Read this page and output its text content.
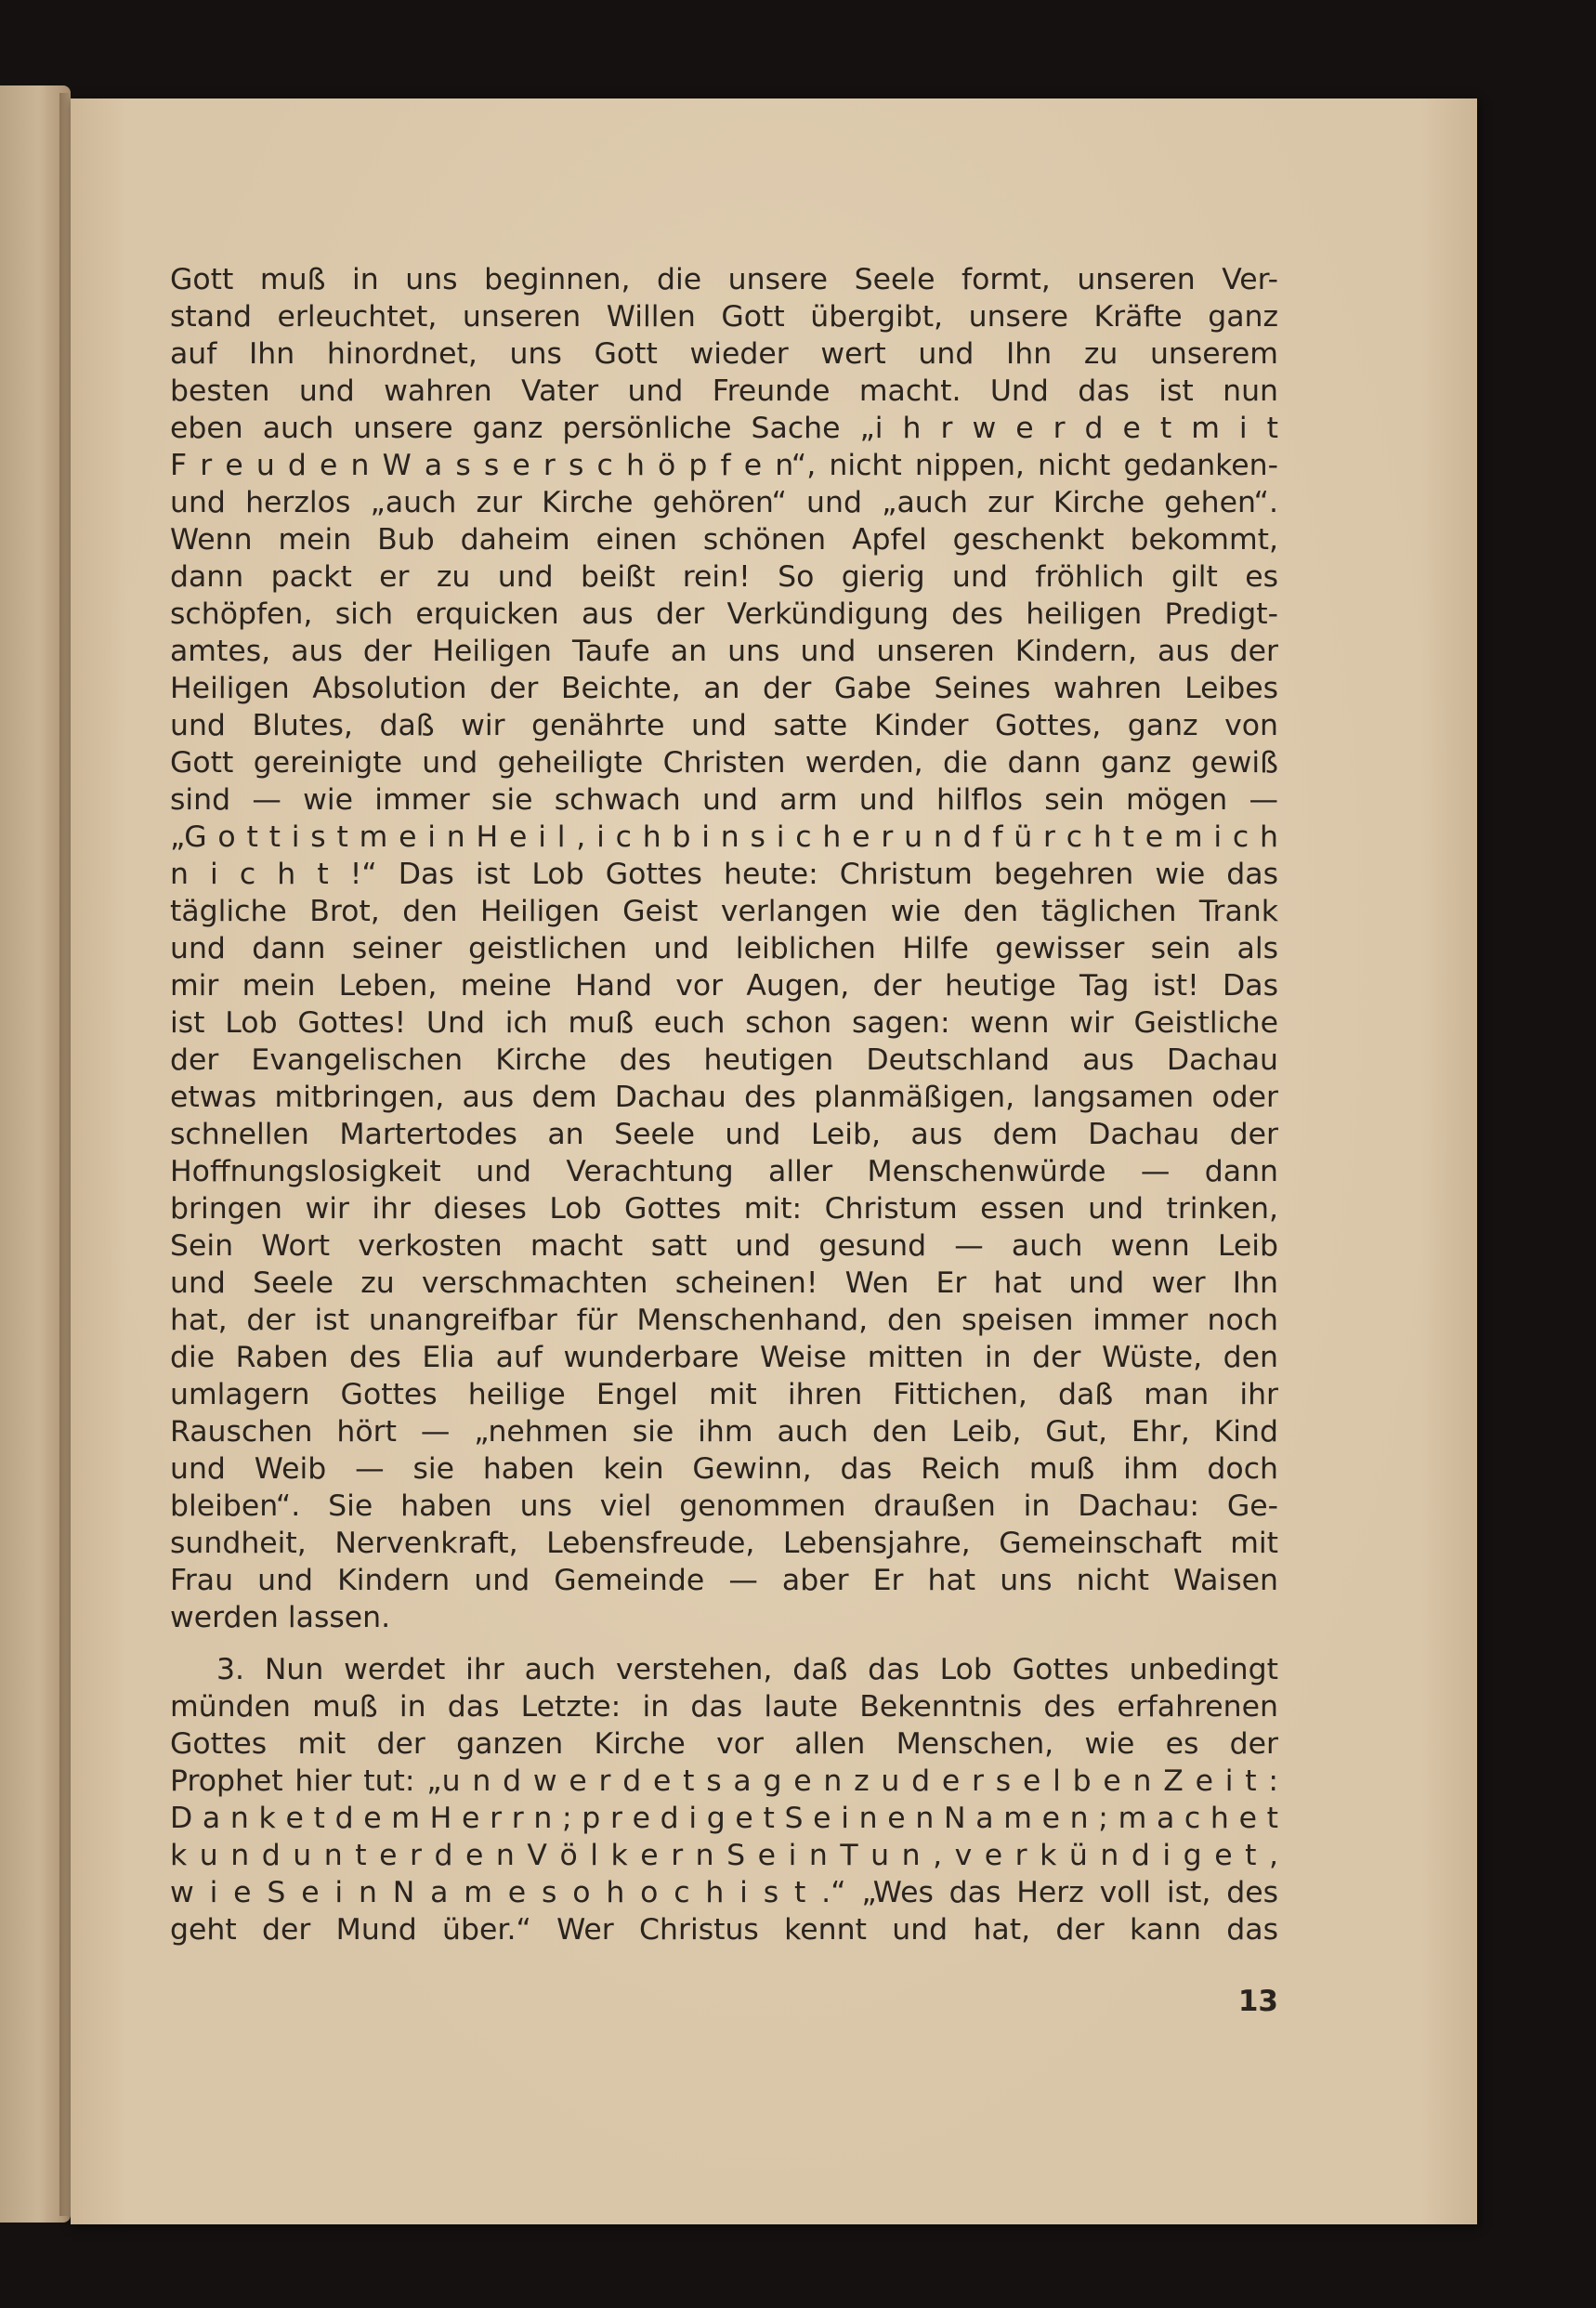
Gott muß in uns beginnen, die unsere Seele formt, unseren Ver-
stand erleuchtet, unseren Willen Gott übergibt, unsere Kräfte ganz
auf Ihn hinordnet, uns Gott wieder wert und Ihn zu unserem
besten und wahren Vater und Freunde macht. Und das ist nun
eben auch unsere ganz persönliche Sache „i h r w e r d e t m i t
F r e u d e n W a s s e r s c h ö p f e n“, nicht nippen, nicht gedanken-
und herzlos „auch zur Kirche gehören“ und „auch zur Kirche gehen“.
Wenn mein Bub daheim einen schönen Apfel geschenkt bekommt,
dann packt er zu und beißt rein! So gierig und fröhlich gilt es
schöpfen, sich erquicken aus der Verkündigung des heiligen Predigt-
amtes, aus der Heiligen Taufe an uns und unseren Kindern, aus der
Heiligen Absolution der Beichte, an der Gabe Seines wahren Leibes
und Blutes, daß wir genährte und satte Kinder Gottes, ganz von
Gott gereinigte und geheiligte Christen werden, die dann ganz gewiß
sind — wie immer sie schwach und arm und hilflos sein mögen —
„G o t t i s t m e i n H e i l , i c h b i n s i c h e r u n d f ü r c h t e m i c h
n i c h t !“ Das ist Lob Gottes heute: Christum begehren wie das
tägliche Brot, den Heiligen Geist verlangen wie den täglichen Trank
und dann seiner geistlichen und leiblichen Hilfe gewisser sein als
mir mein Leben, meine Hand vor Augen, der heutige Tag ist! Das
ist Lob Gottes! Und ich muß euch schon sagen: wenn wir Geistliche
der Evangelischen Kirche des heutigen Deutschland aus Dachau
etwas mitbringen, aus dem Dachau des planmäßigen, langsamen oder
schnellen Martertodes an Seele und Leib, aus dem Dachau der
Hoffnungslosigkeit und Verachtung aller Menschenwürde — dann
bringen wir ihr dieses Lob Gottes mit: Christum essen und trinken,
Sein Wort verkosten macht satt und gesund — auch wenn Leib
und Seele zu verschmachten scheinen! Wen Er hat und wer Ihn
hat, der ist unangreifbar für Menschenhand, den speisen immer noch
die Raben des Elia auf wunderbare Weise mitten in der Wüste, den
umlagern Gottes heilige Engel mit ihren Fittichen, daß man ihr
Rauschen hört — „nehmen sie ihm auch den Leib, Gut, Ehr, Kind
und Weib — sie haben kein Gewinn, das Reich muß ihm doch
bleiben“. Sie haben uns viel genommen draußen in Dachau: Ge-
sundheit, Nervenkraft, Lebensfreude, Lebensjahre, Gemeinschaft mit
Frau und Kindern und Gemeinde — aber Er hat uns nicht Waisen
werden lassen.
3. Nun werdet ihr auch verstehen, daß das Lob Gottes unbedingt
münden muß in das Letzte: in das laute Bekenntnis des erfahrenen
Gottes mit der ganzen Kirche vor allen Menschen, wie es der
Prophet hier tut: „u n d w e r d e t s a g e n z u d e r s e l b e n Z e i t :
D a n k e t d e m H e r r n ; p r e d i g e t S e i n e n N a m e n ; m a c h e t
k u n d u n t e r d e n V ö l k e r n S e i n T u n , v e r k ü n d i g e t ,
w i e S e i n N a m e s o h o c h i s t .“ „Wes das Herz voll ist, des
geht der Mund über.“ Wer Christus kennt und hat, der kann das
13
